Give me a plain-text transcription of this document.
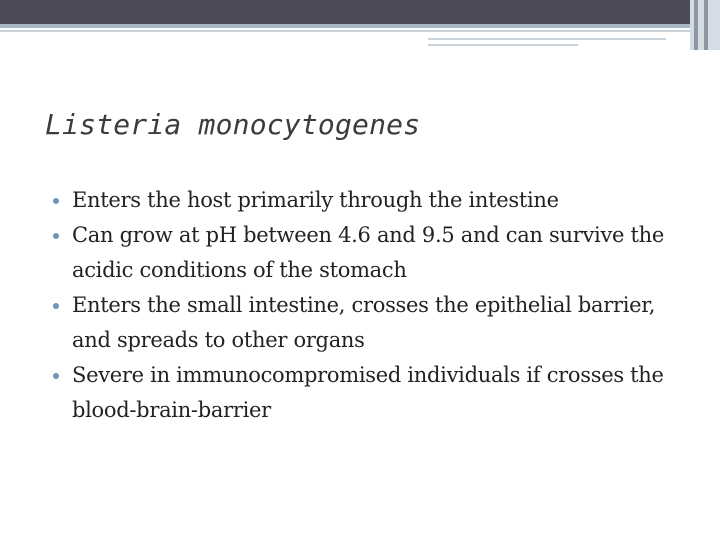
Listeria monocytogenes
Enters the host primarily through the intestine
Can grow at pH between 4.6 and 9.5 and can survive the acidic conditions of the stomach
Enters the small intestine, crosses the epithelial barrier, and spreads to other organs
Severe in immunocompromised individuals if crosses the blood-brain-barrier
